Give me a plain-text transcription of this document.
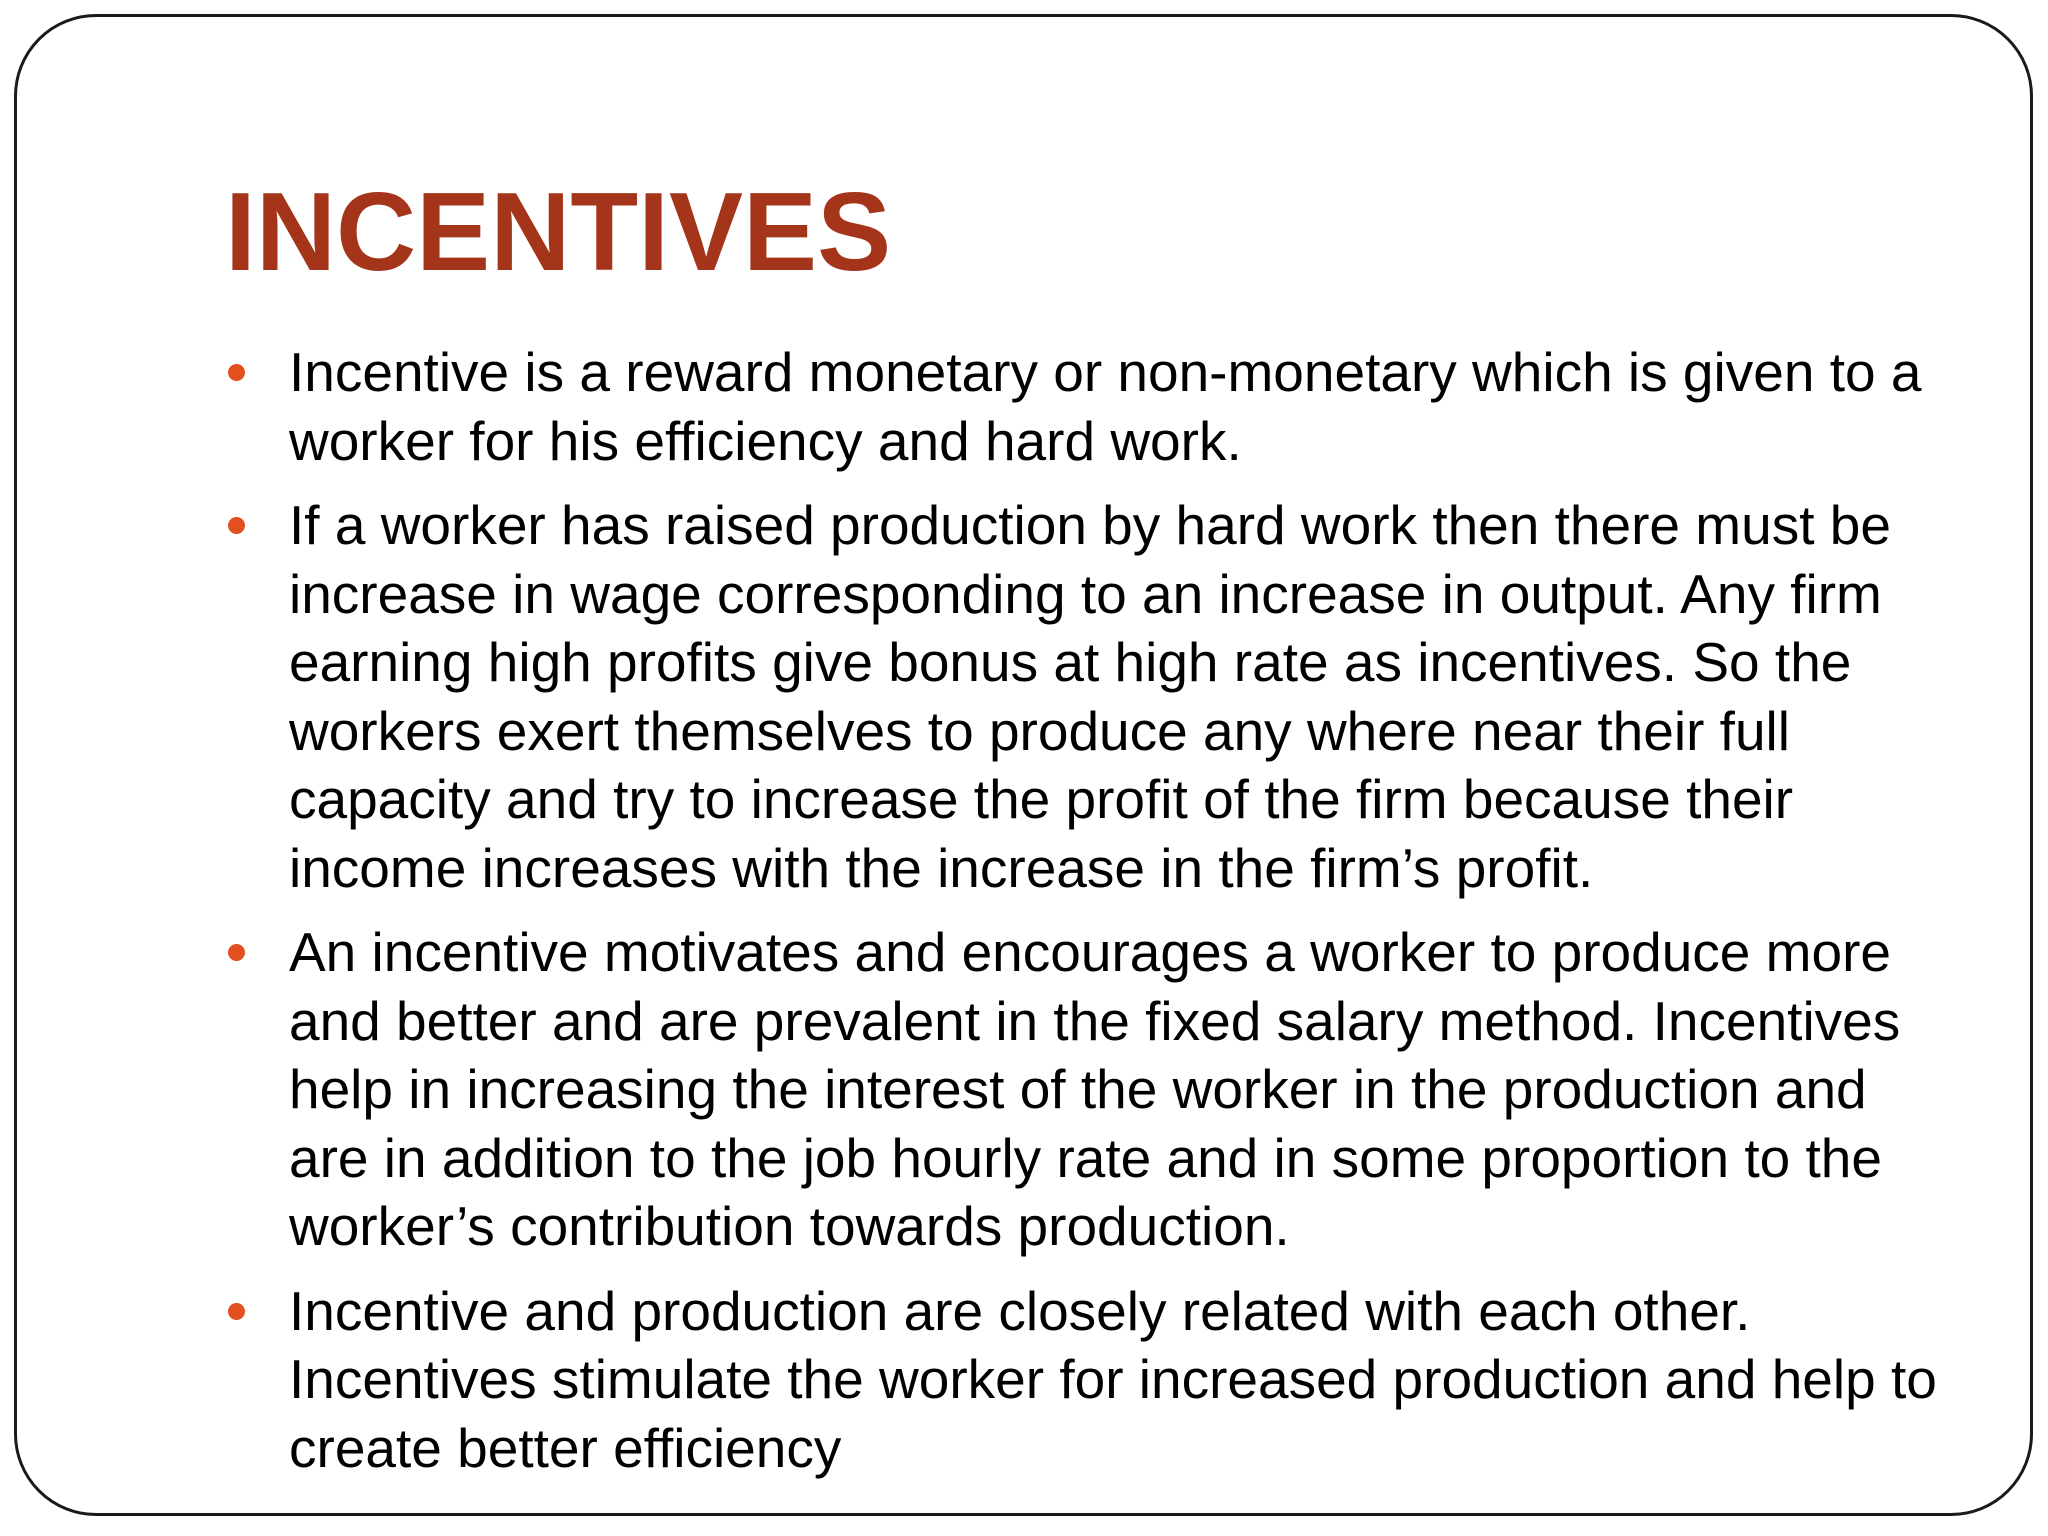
INCENTIVES
Incentive is a reward monetary or non-monetary which is given to a worker for his efficiency and hard work.
If a worker has raised production by hard work then there must be increase in wage corresponding to an increase in output. Any firm earning high profits give bonus at high rate as incentives. So the workers exert themselves to produce any where near their full capacity and try to increase the profit of the firm because their income increases with the increase in the firm’s profit.
An incentive motivates and encourages a worker to produce more and better and are prevalent in the fixed salary method. Incentives help in increasing the interest of the worker in the production and are in addition to the job hourly rate and in some proportion to the worker’s contribution towards production.
Incentive and production are closely related with each other. Incentives stimulate the worker for increased production and help to create better efficiency
